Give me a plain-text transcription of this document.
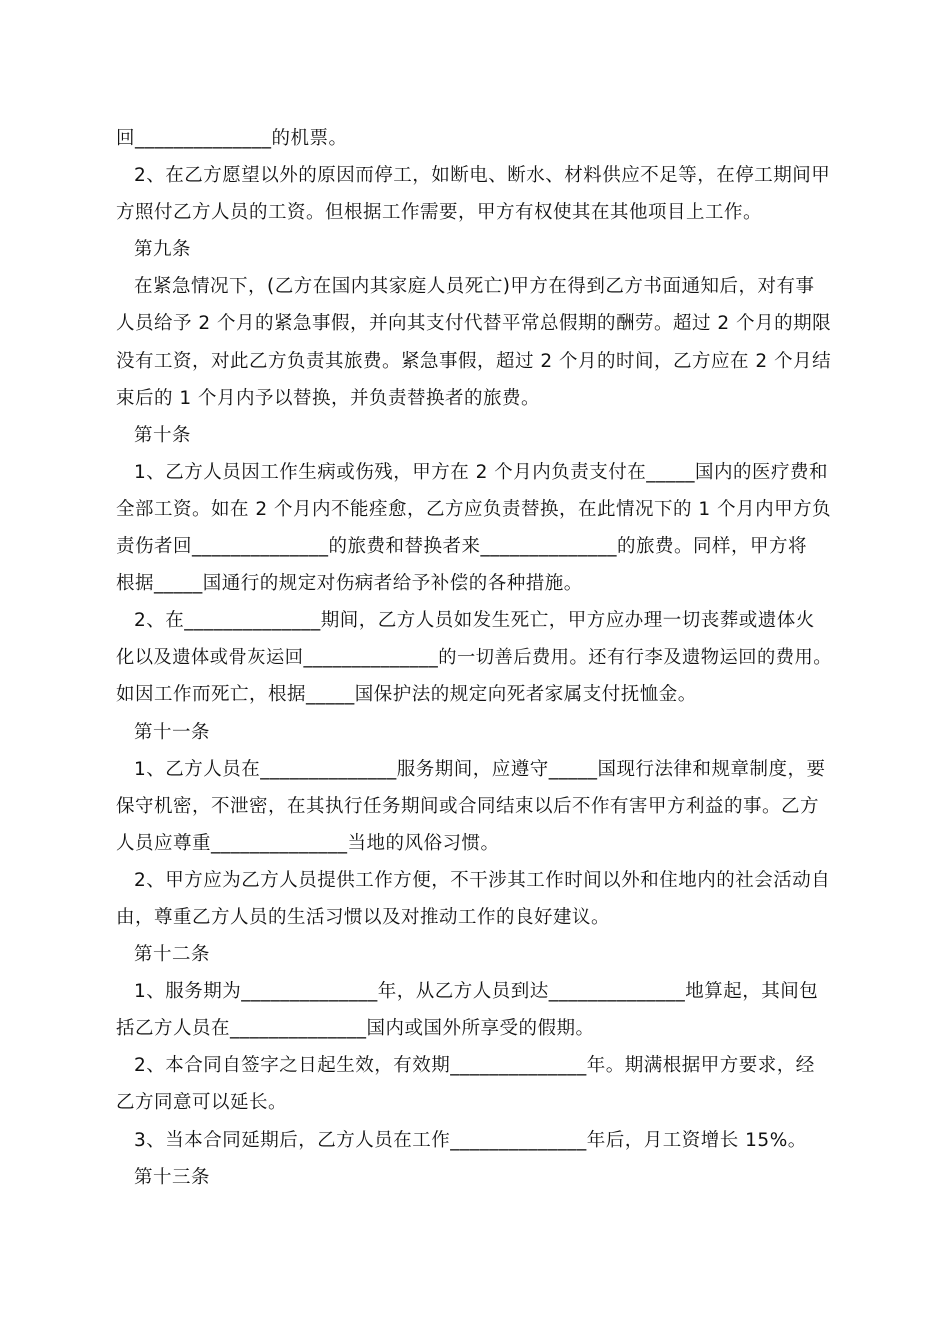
回______________的机票。
2、在乙方愿望以外的原因而停工，如断电、断水、材料供应不足等，在停工期间甲
方照付乙方人员的工资。但根据工作需要，甲方有权使其在其他项目上工作。
第九条
在紧急情况下，(乙方在国内其家庭人员死亡)甲方在得到乙方书面通知后，对有事
人员给予 2 个月的紧急事假，并向其支付代替平常总假期的酬劳。超过 2 个月的期限
没有工资，对此乙方负责其旅费。紧急事假，超过 2 个月的时间，乙方应在 2 个月结
束后的 1 个月内予以替换，并负责替换者的旅费。
第十条
1、乙方人员因工作生病或伤残，甲方在 2 个月内负责支付在_____国内的医疗费和
全部工资。如在 2 个月内不能痊愈，乙方应负责替换，在此情况下的 1 个月内甲方负
责伤者回______________的旅费和替换者来______________的旅费。同样，甲方将
根据_____国通行的规定对伤病者给予补偿的各种措施。
2、在______________期间，乙方人员如发生死亡，甲方应办理一切丧葬或遗体火
化以及遗体或骨灰运回______________的一切善后费用。还有行李及遗物运回的费用。
如因工作而死亡，根据_____国保护法的规定向死者家属支付抚恤金。
第十一条
1、乙方人员在______________服务期间，应遵守_____国现行法律和规章制度，要
保守机密，不泄密，在其执行任务期间或合同结束以后不作有害甲方利益的事。乙方
人员应尊重______________当地的风俗习惯。
2、甲方应为乙方人员提供工作方便，不干涉其工作时间以外和住地内的社会活动自
由，尊重乙方人员的生活习惯以及对推动工作的良好建议。
第十二条
1、服务期为______________年，从乙方人员到达______________地算起，其间包
括乙方人员在______________国内或国外所享受的假期。
2、本合同自签字之日起生效，有效期______________年。期满根据甲方要求，经
乙方同意可以延长。
3、当本合同延期后，乙方人员在工作______________年后，月工资增长 15%。
第十三条
